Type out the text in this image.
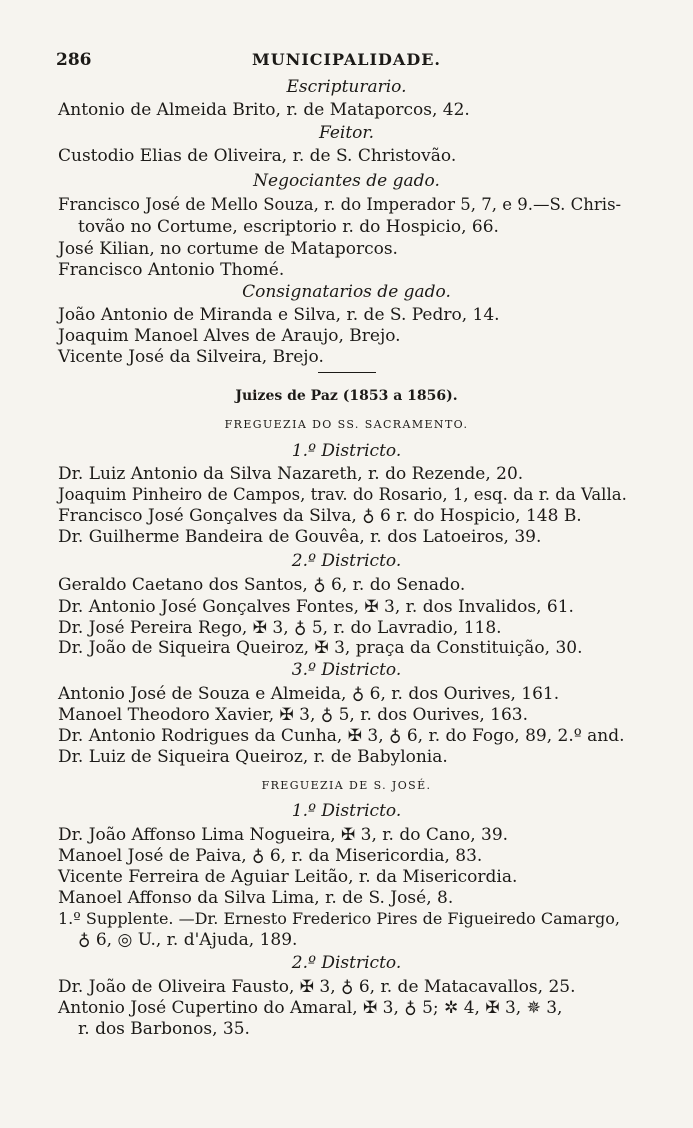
286	MUNICIPALIDADE.
Escripturario.
Antonio de Almeida Brito, r. de Mataporcos, 42.
Feitor.
Custodio Elias de Oliveira, r. de S. Christovão.
Negociantes de gado.
Francisco José de Mello Souza, r. do Imperador 5, 7, e 9.—S. Chris-
tovão no Cortume, escriptorio r. do Hospicio, 66.
José Kilian, no cortume de Mataporcos.
Francisco Antonio Thomé.
Consignatarios de gado.
João Antonio de Miranda e Silva, r. de S. Pedro, 14.
Joaquim Manoel Alves de Araujo, Brejo.
Vicente José da Silveira, Brejo.
Juizes de Paz (1853 a 1856).
FREGUEZIA DO SS. SACRAMENTO.
1.º Districto.
Dr. Luiz Antonio da Silva Nazareth, r. do Rezende, 20.
Joaquim Pinheiro de Campos, trav. do Rosario, 1, esq. da r. da Valla.
Francisco José Gonçalves da Silva, ♁ 6 r. do Hospicio, 148 B.
Dr. Guilherme Bandeira de Gouvêa, r. dos Latoeiros, 39.
2.º Districto.
Geraldo Caetano dos Santos, ♁ 6, r. do Senado.
Dr. Antonio José Gonçalves Fontes, ✠ 3, r. dos Invalidos, 61.
Dr. José Pereira Rego, ✠ 3, ♁ 5, r. do Lavradio, 118.
Dr. João de Siqueira Queiroz, ✠ 3, praça da Constituição, 30.
3.º Districto.
Antonio José de Souza e Almeida, ♁ 6, r. dos Ourives, 161.
Manoel Theodoro Xavier, ✠ 3, ♁ 5, r. dos Ourives, 163.
Dr. Antonio Rodrigues da Cunha, ✠ 3, ♁ 6, r. do Fogo, 89, 2.º and.
Dr. Luiz de Siqueira Queiroz, r. de Babylonia.
FREGUEZIA DE S. JOSÉ.
1.º Districto.
Dr. João Affonso Lima Nogueira, ✠ 3, r. do Cano, 39.
Manoel José de Paiva, ♁ 6, r. da Misericordia, 83.
Vicente Ferreira de Aguiar Leitão, r. da Misericordia.
Manoel Affonso da Silva Lima, r. de S. José, 8.
1.º Supplente. —Dr. Ernesto Frederico Pires de Figueiredo Camargo,
♁ 6, ◎ U., r. d'Ajuda, 189.
2.º Districto.
Dr. João de Oliveira Fausto, ✠ 3, ♁ 6, r. de Matacavallos, 25.
Antonio José Cupertino do Amaral, ✠ 3, ♁ 5; ✲ 4, ✠ 3, ✵ 3,
r. dos Barbonos, 35.
